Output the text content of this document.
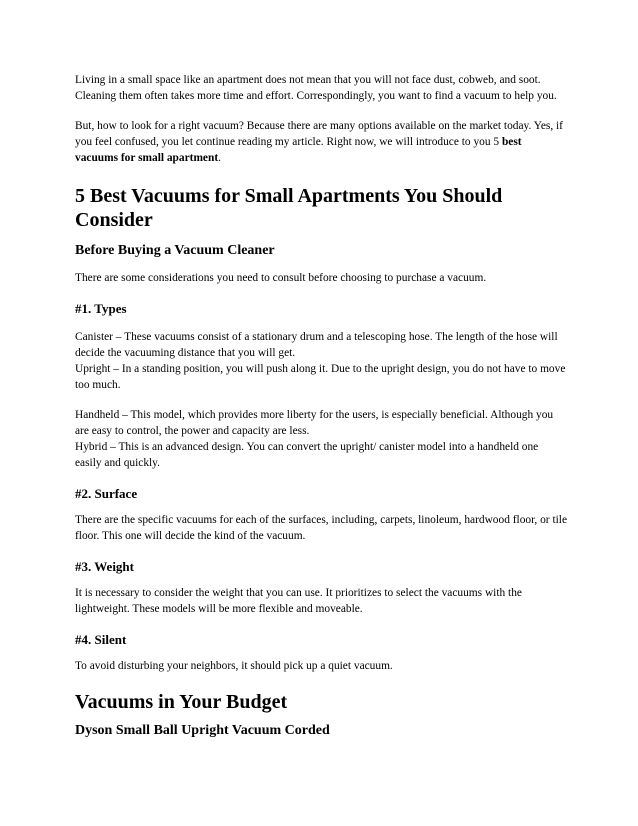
Living in a small space like an apartment does not mean that you will not face dust, cobweb, and soot. Cleaning them often takes more time and effort. Correspondingly, you want to find a vacuum to help you.

But, how to look for a right vacuum? Because there are many options available on the market today. Yes, if you feel confused, you let continue reading my article. Right now, we will introduce to you 5 best vacuums for small apartment.

5 Best Vacuums for Small Apartments You Should Consider
Before Buying a Vacuum Cleaner

There are some considerations you need to consult before choosing to purchase a vacuum.

#1. Types

Canister – These vacuums consist of a stationary drum and a telescoping hose. The length of the hose will decide the vacuuming distance that you will get.

Upright – In a standing position, you will push along it. Due to the upright design, you do not have to move too much.

Handheld – This model, which provides more liberty for the users, is especially beneficial. Although you are easy to control, the power and capacity are less.

Hybrid – This is an advanced design. You can convert the upright/ canister model into a handheld one easily and quickly.

#2. Surface

There are the specific vacuums for each of the surfaces, including, carpets, linoleum, hardwood floor, or tile floor. This one will decide the kind of the vacuum.

#3. Weight

It is necessary to consider the weight that you can use. It prioritizes to select the vacuums with the lightweight. These models will be more flexible and moveable.

#4. Silent

To avoid disturbing your neighbors, it should pick up a quiet vacuum.

Vacuums in Your Budget
Dyson Small Ball Upright Vacuum Corded
